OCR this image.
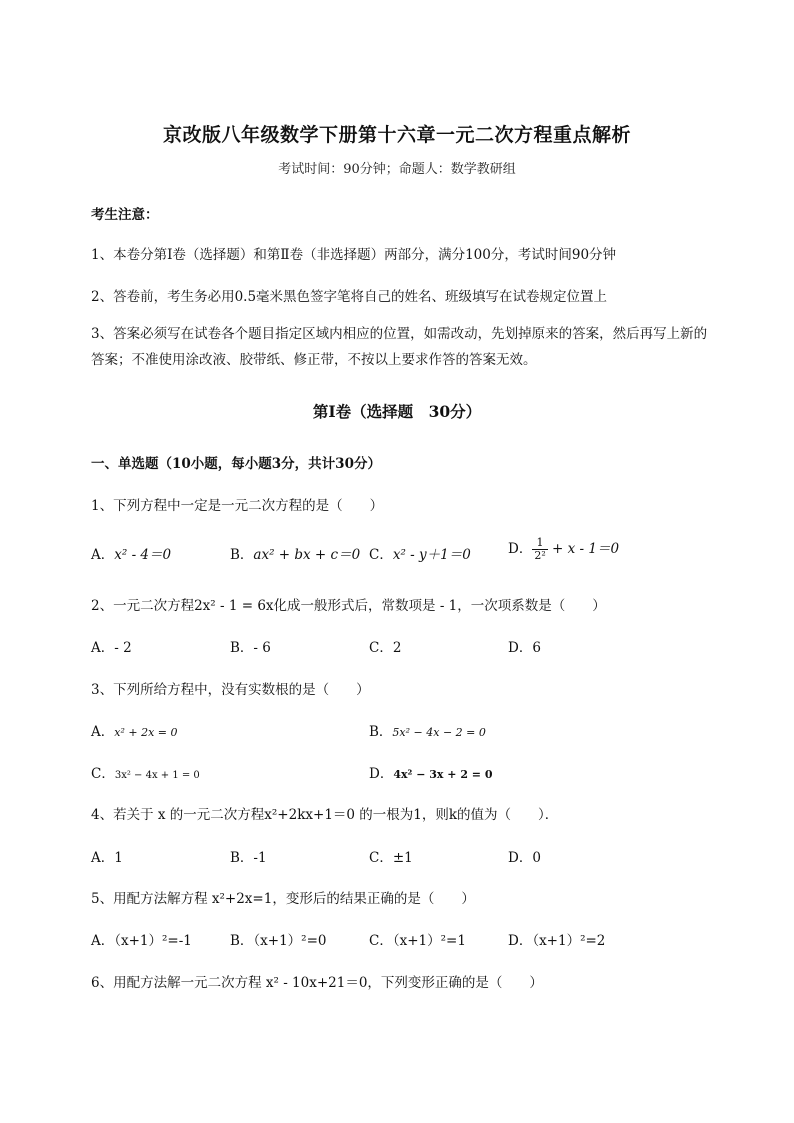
京改版八年级数学下册第十六章一元二次方程重点解析
考试时间：90分钟；命题人：数学教研组
考生注意：
1、本卷分第I卷（选择题）和第Ⅱ卷（非选择题）两部分，满分100分，考试时间90分钟
2、答卷前，考生务必用0.5毫米黑色签字笔将自己的姓名、班级填写在试卷规定位置上
3、答案必须写在试卷各个题目指定区域内相应的位置，如需改动，先划掉原来的答案，然后再写上新的答案；不准使用涂改液、胶带纸、修正带，不按以上要求作答的答案无效。
第I卷（选择题　30分）
一、单选题（10小题，每小题3分，共计30分）
1、下列方程中一定是一元二次方程的是（　　）
A．x² - 4＝0	B．ax² + bx + c＝0 C．x² - y＋1＝0	D． $\frac{1}{\text{2²}} + x - 1=0$
2、一元二次方程2x² - 1 = 6x化成一般形式后，常数项是 - 1，一次项系数是（　　）
A．- 2	B．- 6	C．2	D．6
3、下列所给方程中，没有实数根的是（　　）
A．x² + 2x = 0	B．5x² − 4x − 2 = 0
C．3x² − 4x + 1 = 0	D．4x² − 3x + 2 = 0
4、若关于 x 的一元二次方程x²+2kx+1＝0 的一根为1，则k的值为（　　）．
A．1	B．-1	C．±1	D．0
5、用配方法解方程 x²+2x=1，变形后的结果正确的是（　　）
A．（x+1）²=-1	B．（x+1）²=0	C．（x+1）²=1	D．（x+1）²=2
6、用配方法解一元二次方程 x² - 10x+21＝0，下列变形正确的是（　　）
